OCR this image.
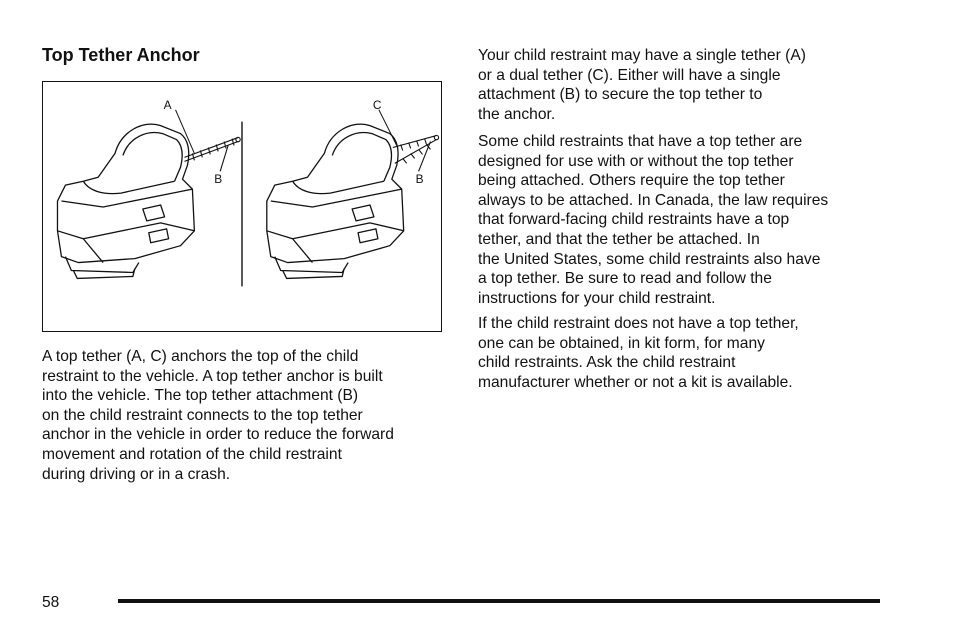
Top Tether Anchor
A
B
C
B

A top tether (A, C) anchors the top of the child
restraint to the vehicle. A top tether anchor is built
into the vehicle. The top tether attachment (B)
on the child restraint connects to the top tether
anchor in the vehicle in order to reduce the forward
movement and rotation of the child restraint
during driving or in a crash.

Your child restraint may have a single tether (A)
or a dual tether (C). Either will have a single
attachment (B) to secure the top tether to
the anchor.

Some child restraints that have a top tether are
designed for use with or without the top tether
being attached. Others require the top tether
always to be attached. In Canada, the law requires
that forward-facing child restraints have a top
tether, and that the tether be attached. In
the United States, some child restraints also have
a top tether. Be sure to read and follow the
instructions for your child restraint.

If the child restraint does not have a top tether,
one can be obtained, in kit form, for many
child restraints. Ask the child restraint
manufacturer whether or not a kit is available.

58
